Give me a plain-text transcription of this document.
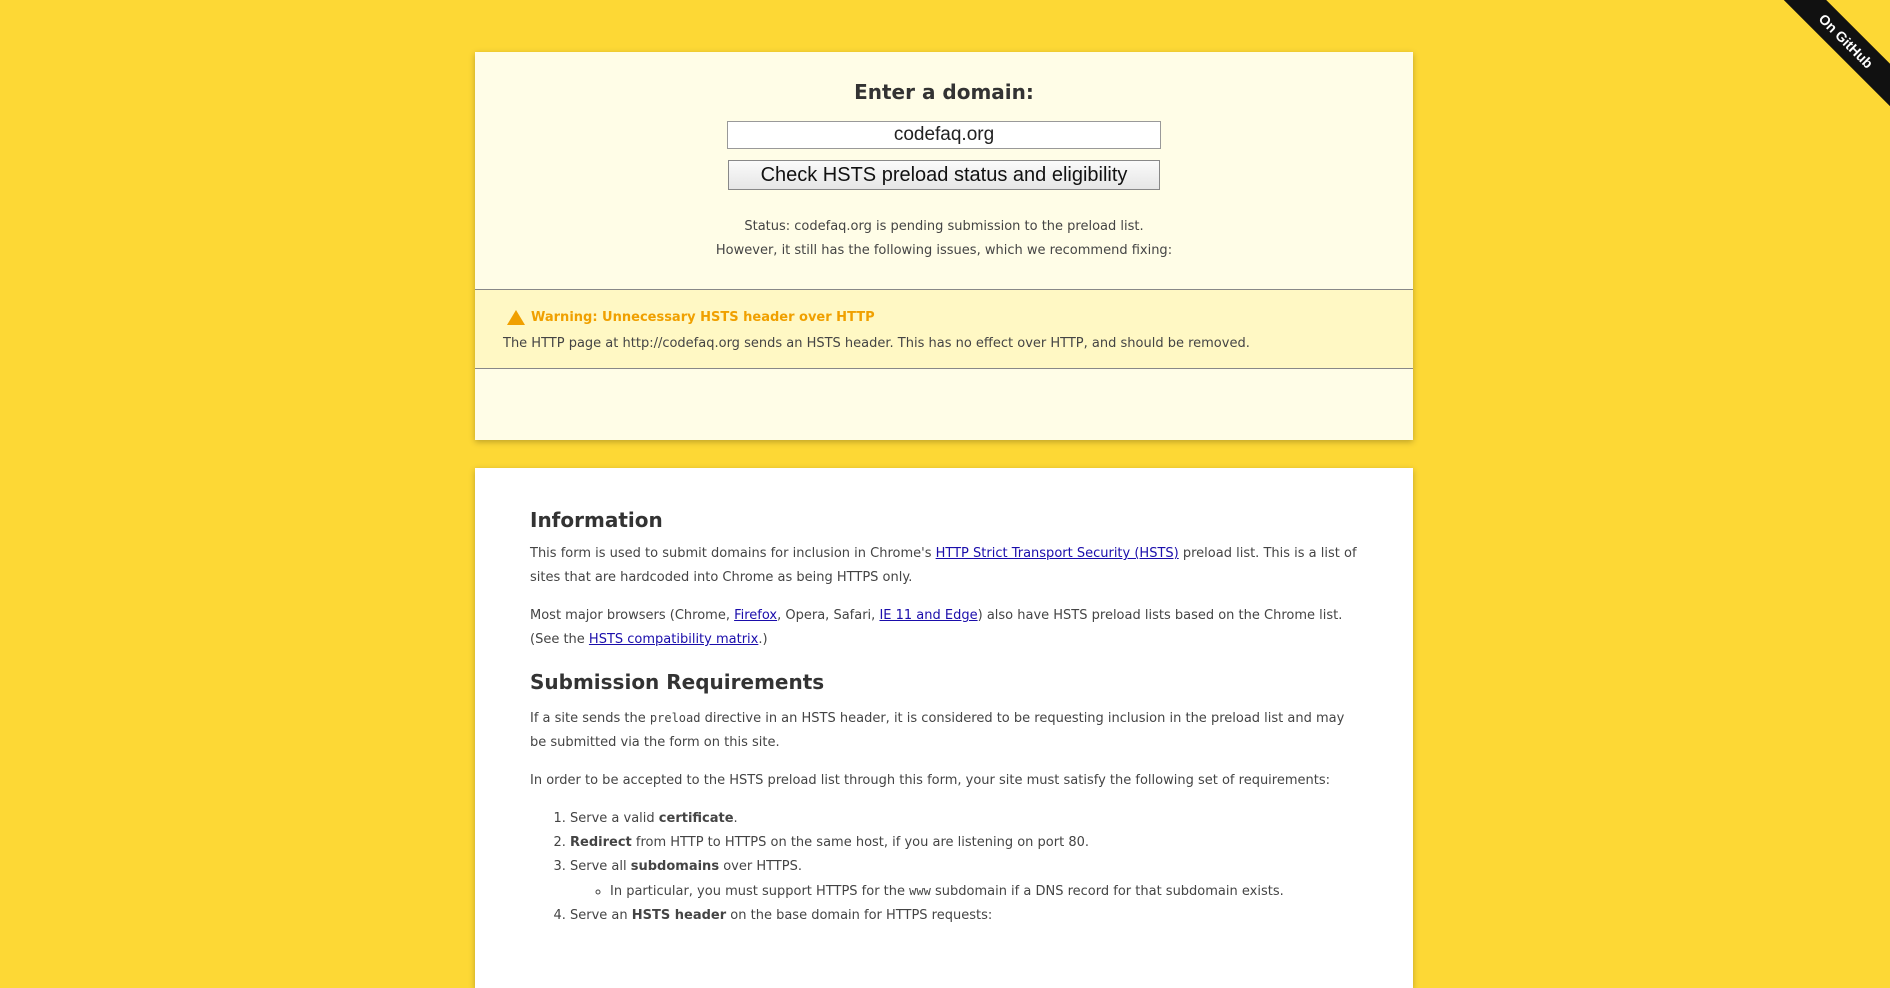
On GitHub
Enter a domain:
codefaq.org
Check HSTS preload status and eligibility
Status: codefaq.org is pending submission to the preload list.
However, it still has the following issues, which we recommend fixing:
Warning: Unnecessary HSTS header over HTTP
The HTTP page at http://codefaq.org sends an HSTS header. This has no effect over HTTP, and should be removed.
Information

This form is used to submit domains for inclusion in Chrome's HTTP Strict Transport Security (HSTS) preload list. This is a list of sites that are hardcoded into Chrome as being HTTPS only.

Most major browsers (Chrome, Firefox, Opera, Safari, IE 11 and Edge) also have HSTS preload lists based on the Chrome list. (See the HSTS compatibility matrix.)

Submission Requirements

If a site sends the preload directive in an HSTS header, it is considered to be requesting inclusion in the preload list and may be submitted via the form on this site.

In order to be accepted to the HSTS preload list through this form, your site must satisfy the following set of requirements:

1. Serve a valid certificate.
2. Redirect from HTTP to HTTPS on the same host, if you are listening on port 80.
3. Serve all subdomains over HTTPS.
◦ In particular, you must support HTTPS for the www subdomain if a DNS record for that subdomain exists.
4. Serve an HSTS header on the base domain for HTTPS requests:
